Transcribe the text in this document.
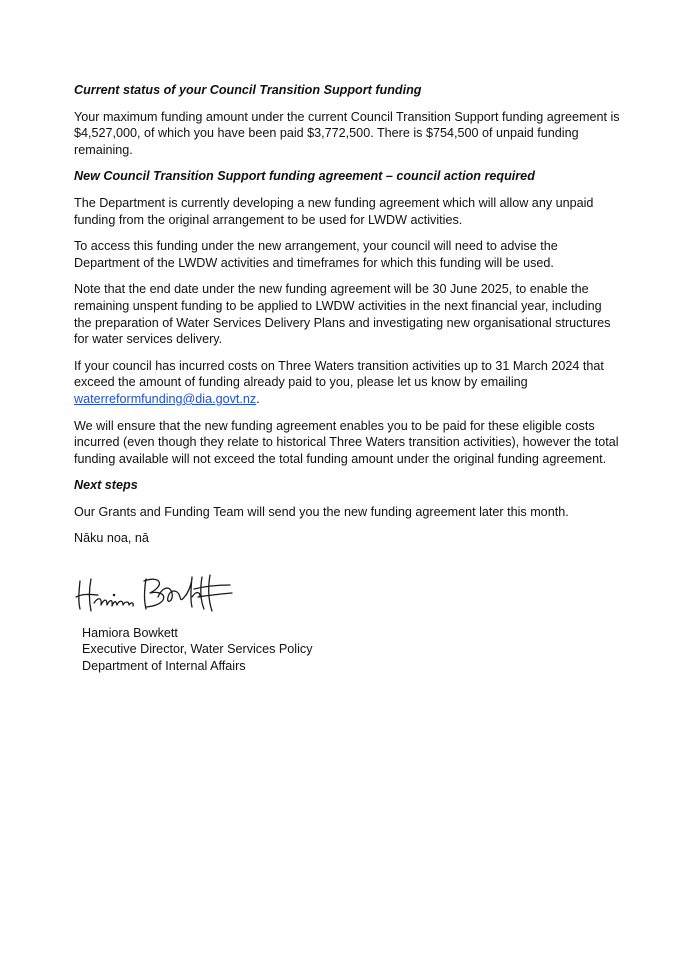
Current status of your Council Transition Support funding

Your maximum funding amount under the current Council Transition Support funding agreement is $4,527,000, of which you have been paid $3,772,500. There is $754,500 of unpaid funding remaining.

New Council Transition Support funding agreement – council action required

The Department is currently developing a new funding agreement which will allow any unpaid funding from the original arrangement to be used for LWDW activities.

To access this funding under the new arrangement, your council will need to advise the Department of the LWDW activities and timeframes for which this funding will be used.

Note that the end date under the new funding agreement will be 30 June 2025, to enable the remaining unspent funding to be applied to LWDW activities in the next financial year, including the preparation of Water Services Delivery Plans and investigating new organisational structures for water services delivery.

If your council has incurred costs on Three Waters transition activities up to 31 March 2024 that exceed the amount of funding already paid to you, please let us know by emailing waterreformfunding@dia.govt.nz.

We will ensure that the new funding agreement enables you to be paid for these eligible costs incurred (even though they relate to historical Three Waters transition activities), however the total funding available will not exceed the total funding amount under the original funding agreement.

Next steps

Our Grants and Funding Team will send you the new funding agreement later this month.

Nāku noa, nā
Hamiora Bowkett
Executive Director, Water Services Policy
Department of Internal Affairs
